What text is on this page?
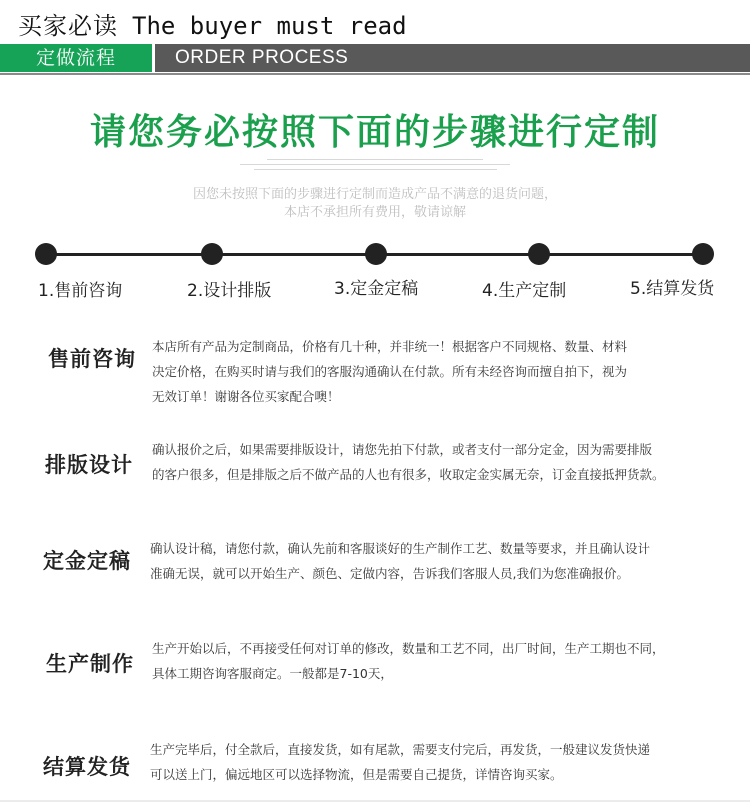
买家必读 The buyer must read
定做流程	ORDER PROCESS
请您务必按照下面的步骤进行定制
因您未按照下面的步骤进行定制而造成产品不满意的退货问题，
本店不承担所有费用，敬请谅解
1.售前咨询	2.设计排版	3.定金定稿	4.生产定制	5.结算发货
售前咨询
本店所有产品为定制商品，价格有几十种，并非统一！根据客户不同规格、数量、材料
决定价格，在购买时请与我们的客服沟通确认在付款。所有未经咨询而擅自拍下，视为
无效订单！谢谢各位买家配合噢！
排版设计
确认报价之后，如果需要排版设计，请您先拍下付款，或者支付一部分定金，因为需要排版
的客户很多，但是排版之后不做产品的人也有很多，收取定金实属无奈，订金直接抵押货款。
定金定稿
确认设计稿，请您付款，确认先前和客服谈好的生产制作工艺、数量等要求，并且确认设计
准确无误，就可以开始生产、颜色、定做内容，告诉我们客服人员,我们为您准确报价。
生产制作
生产开始以后，不再接受任何对订单的修改，数量和工艺不同，出厂时间，生产工期也不同，
具体工期咨询客服商定。一般都是7-10天，
结算发货
生产完毕后，付全款后，直接发货，如有尾款，需要支付完后，再发货，一般建议发货快递
可以送上门，偏远地区可以选择物流，但是需要自己提货，详情咨询买家。
